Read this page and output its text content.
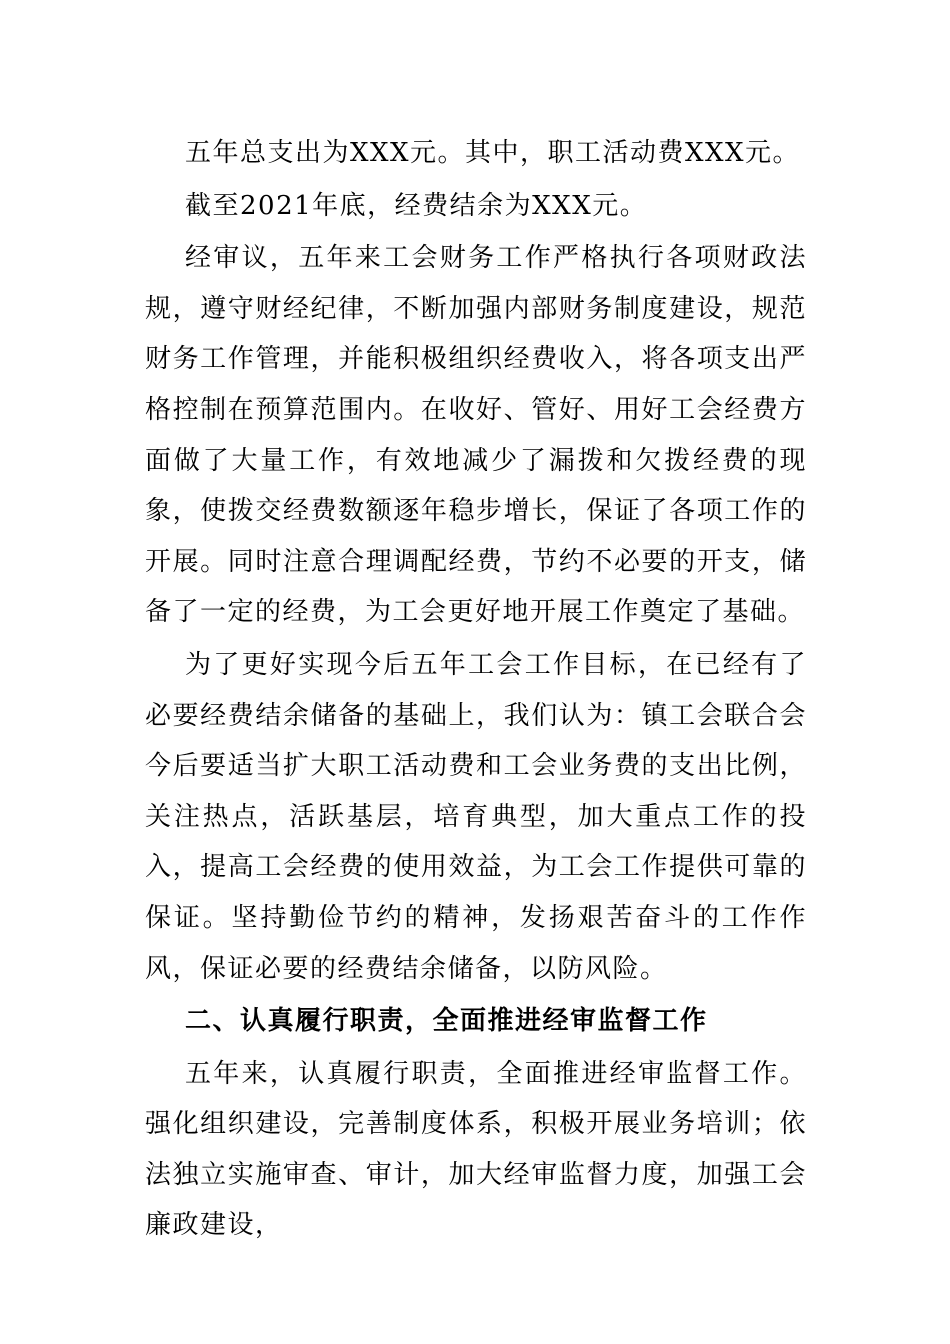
五年总支出为XXX元。其中，职工活动费XXX元。

截至2021年底，经费结余为XXX元。

经审议，五年来工会财务工作严格执行各项财政法规，遵守财经纪律，不断加强内部财务制度建设，规范财务工作管理，并能积极组织经费收入，将各项支出严格控制在预算范围内。在收好、管好、用好工会经费方面做了大量工作，有效地减少了漏拨和欠拨经费的现象，使拨交经费数额逐年稳步增长，保证了各项工作的开展。同时注意合理调配经费，节约不必要的开支，储备了一定的经费，为工会更好地开展工作奠定了基础。

为了更好实现今后五年工会工作目标，在已经有了必要经费结余储备的基础上，我们认为：镇工会联合会今后要适当扩大职工活动费和工会业务费的支出比例，关注热点，活跃基层，培育典型，加大重点工作的投入，提高工会经费的使用效益，为工会工作提供可靠的保证。坚持勤俭节约的精神，发扬艰苦奋斗的工作作风，保证必要的经费结余储备，以防风险。

二、认真履行职责，全面推进经审监督工作

五年来，认真履行职责，全面推进经审监督工作。强化组织建设，完善制度体系，积极开展业务培训；依法独立实施审查、审计，加大经审监督力度，加强工会廉政建设，
